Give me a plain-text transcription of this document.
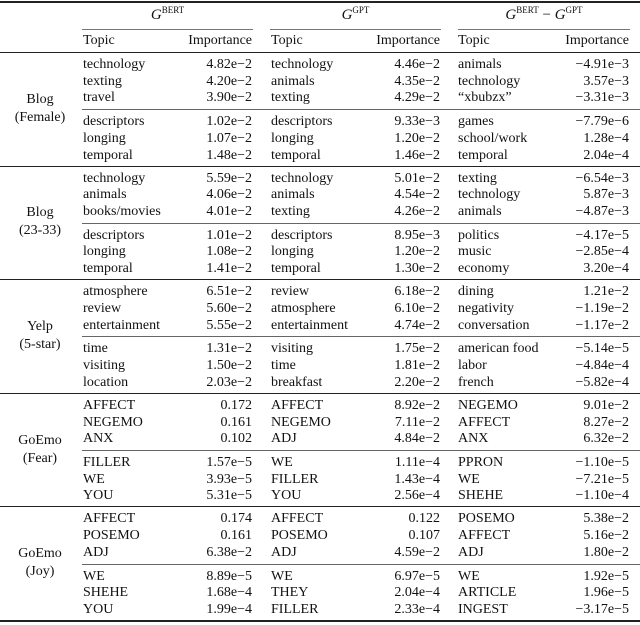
$G^{BERT}$	$G^{GPT}$	$G^{BERT} - G^{GPT}$
Topic	Importance Topic	Importance Topic	Importance
Blog
(Female)
technology	4.82e−2 technology	4.46e−2 animals	−4.91e−3
texting	4.20e−2 animals	4.35e−2 technology	3.57e−3
travel	3.90e−2 texting	4.29e−2 “xbubzx”	−3.31e−3
descriptors	1.02e−2 descriptors	9.33e−3 games	−7.79e−6
longing	1.07e−2 longing	1.20e−2 school/work	1.28e−4
temporal	1.48e−2 temporal	1.46e−2 temporal	2.04e−4
Blog
(23-33)
technology	5.59e−2 technology	5.01e−2 texting	−6.54e−3
animals	4.06e−2 animals	4.54e−2 technology	5.87e−3
books/movies	4.01e−2 texting	4.26e−2 animals	−4.87e−3
descriptors	1.01e−2 descriptors	8.95e−3 politics	−4.17e−5
longing	1.08e−2 longing	1.20e−2 music	−2.85e−4
temporal	1.41e−2 temporal	1.30e−2 economy	3.20e−4
Yelp
(5-star)
atmosphere	6.51e−2 review	6.18e−2 dining	1.21e−2
review	5.60e−2 atmosphere	6.10e−2 negativity	−1.19e−2
entertainment	5.55e−2 entertainment	4.74e−2 conversation	−1.17e−2
time	1.31e−2 visiting	1.75e−2 american food	−5.14e−5
visiting	1.50e−2 time	1.81e−2 labor	−4.84e−4
location	2.03e−2 breakfast	2.20e−2 french	−5.82e−4
GoEmo
(Fear)
AFFECT	0.172 AFFECT	8.92e−2 NEGEMO	9.01e−2
NEGEMO	0.161 NEGEMO	7.11e−2 AFFECT	8.27e−2
ANX	0.102 ADJ	4.84e−2 ANX	6.32e−2
FILLER	1.57e−5 WE	1.11e−4 PPRON	−1.10e−5
WE	3.93e−5 FILLER	1.43e−4 WE	−7.21e−5
YOU	5.31e−5 YOU	2.56e−4 SHEHE	−1.10e−4
GoEmo
(Joy)
AFFECT	0.174 AFFECT	0.122 POSEMO	5.38e−2
POSEMO	0.161 POSEMO	0.107 AFFECT	5.16e−2
ADJ	6.38e−2 ADJ	4.59e−2 ADJ	1.80e−2
WE	8.89e−5 WE	6.97e−5 WE	1.92e−5
SHEHE	1.68e−4 THEY	2.04e−4 ARTICLE	1.96e−5
YOU	1.99e−4 FILLER	2.33e−4 INGEST	−3.17e−5
